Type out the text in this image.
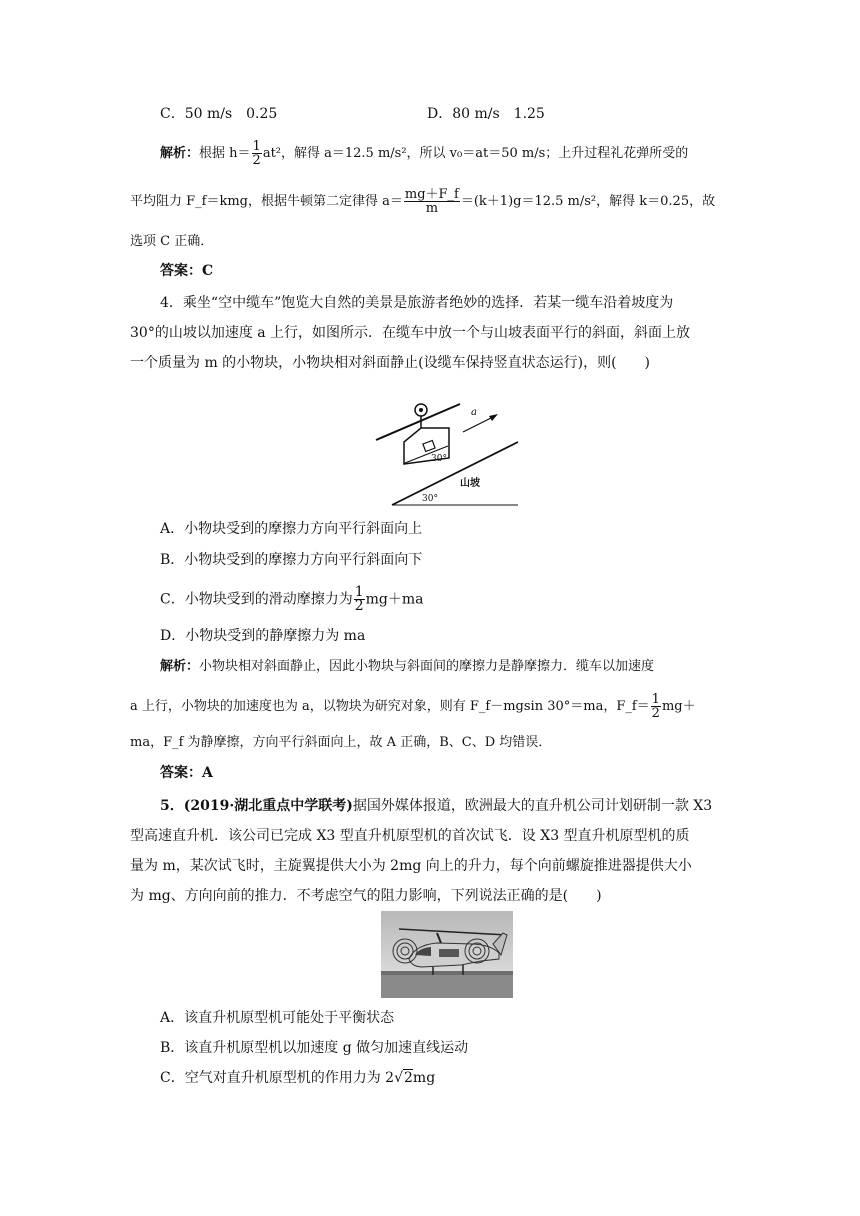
C．50 m/s　0.25	D．80 m/s　1.25
解析：根据 $h= \frac{1}{2} at^2$，解得 a＝12.5 m/s²，所以 v₀＝at＝50 m/s；上升过程礼花弹所受的
平均阻力 F_f＝kmg，根据牛顿第二定律得 $a= \frac{mg+F\_f}{m} =(k+1)g=12.5$ m/s²，解得 k＝0.25，故
选项 C 正确．
答案：C
4．乘坐“空中缆车”饱览大自然的美景是旅游者绝妙的选择．若某一缆车沿着坡度为
30°的山坡以加速度 a 上行，如图所示．在缆车中放一个与山坡表面平行的斜面，斜面上放
一个质量为 m 的小物块，小物块相对斜面静止(设缆车保持竖直状态运行)，则(　　)
a
30°
30°
山坡
A．小物块受到的摩擦力方向平行斜面向上
B．小物块受到的摩擦力方向平行斜面向下
C．小物块受到的滑动摩擦力为 $\frac{1}{2} mg+ma$
D．小物块受到的静摩擦力为 ma
解析：小物块相对斜面静止，因此小物块与斜面间的摩擦力是静摩擦力．缆车以加速度
a 上行，小物块的加速度也为 a，以物块为研究对象，则有 F_f－mgsin 30°＝ma，F_f＝ $\frac{1}{2} mg+$
ma，F_f 为静摩擦，方向平行斜面向上，故 A 正确，B、C、D 均错误．
答案：A
5．(2019·湖北重点中学联考)据国外媒体报道，欧洲最大的直升机公司计划研制一款 X3
型高速直升机．该公司已完成 X3 型直升机原型机的首次试飞．设 X3 型直升机原型机的质
量为 m，某次试飞时，主旋翼提供大小为 2mg 向上的升力，每个向前螺旋推进器提供大小
为 mg、方向向前的推力．不考虑空气的阻力影响，下列说法正确的是(　　)
A．该直升机原型机可能处于平衡状态
B．该直升机原型机以加速度 g 做匀加速直线运动
C．空气对直升机原型机的作用力为 2√2mg
